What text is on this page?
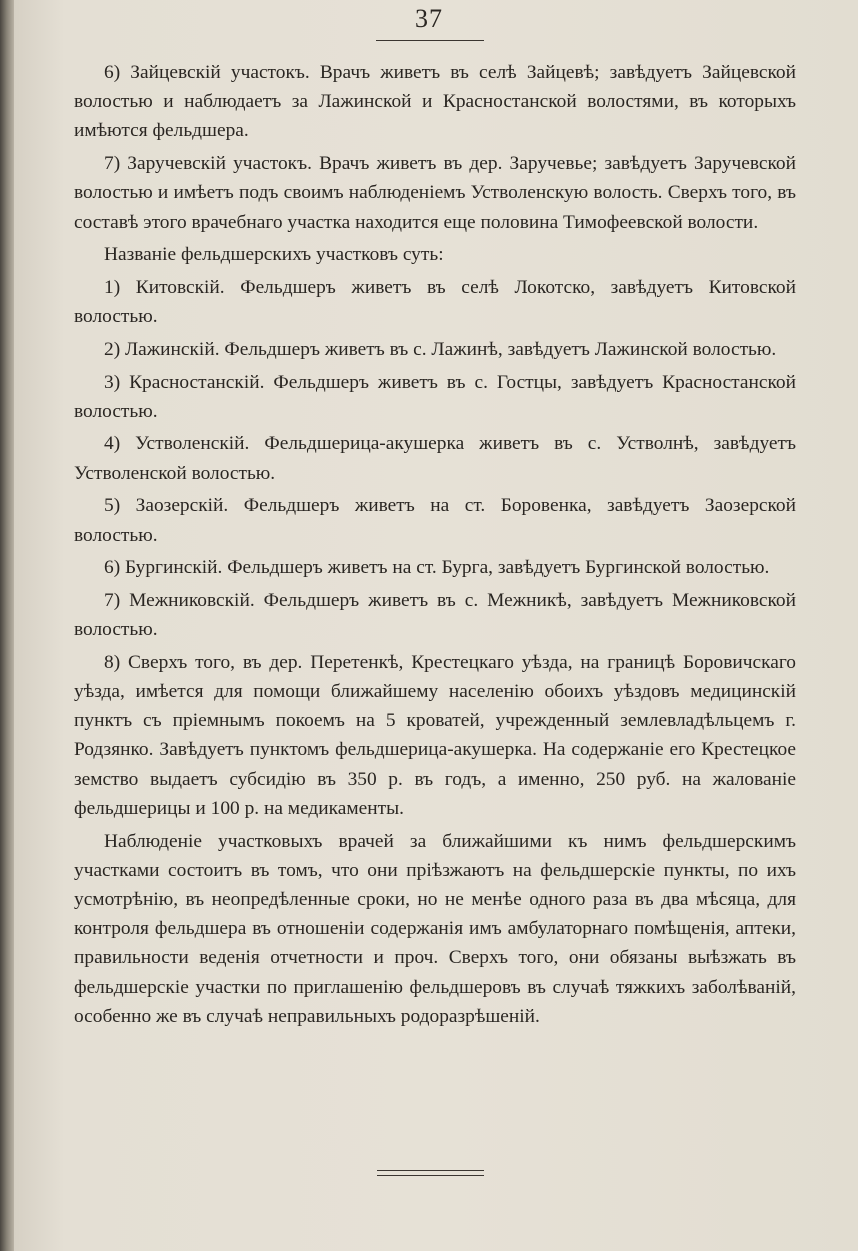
37

6) Зайцевскій участокъ. Врачъ живетъ въ селѣ Зайцевѣ; завѣдуетъ Зайцевской волостью и наблюдаетъ за Лажинской и Красностанской волостями, въ которыхъ имѣются фельдшера.

7) Заручевскій участокъ. Врачъ живетъ въ дер. Заручевье; завѣдуетъ Заручевской волостью и имѣетъ подъ своимъ наблюденіемъ Устволенскую волость. Сверхъ того, въ составѣ этого врачебнаго участка находится еще половина Тимофеевской волости.

Названіе фельдшерскихъ участковъ суть:

1) Китовскій. Фельдшеръ живетъ въ селѣ Локотско, завѣдуетъ Китовской волостью.

2) Лажинскій. Фельдшеръ живетъ въ с. Лажинѣ, завѣдуетъ Лажинской волостью.

3) Красностанскій. Фельдшеръ живетъ въ с. Гостцы, завѣдуетъ Красностанской волостью.

4) Устволенскій. Фельдшерица-акушерка живетъ въ с. Устволнѣ, завѣдуетъ Устволенской волостью.

5) Заозерскій. Фельдшеръ живетъ на ст. Боровенка, завѣдуетъ Заозерской волостью.

6) Бургинскій. Фельдшеръ живетъ на ст. Бурга, завѣдуетъ Бургинской волостью.

7) Межниковскій. Фельдшеръ живетъ въ с. Межникѣ, завѣдуетъ Межниковской волостью.

8) Сверхъ того, въ дер. Перетенкѣ, Крестецкаго уѣзда, на границѣ Боровичскаго уѣзда, имѣется для помощи ближайшему населенію обоихъ уѣздовъ медицинскій пунктъ съ пріемнымъ покоемъ на 5 кроватей, учрежденный землевладѣльцемъ г. Родзянко. Завѣдуетъ пунктомъ фельдшерица-акушерка. На содержаніе его Крестецкое земство выдаетъ субсидію въ 350 р. въ годъ, а именно, 250 руб. на жалованіе фельдшерицы и 100 р. на медикаменты.

Наблюденіе участковыхъ врачей за ближайшими къ нимъ фельдшерскимъ участками состоитъ въ томъ, что они пріѣзжаютъ на фельдшерскіе пункты, по ихъ усмотрѣнію, въ неопредѣленные сроки, но не менѣе одного раза въ два мѣсяца, для контроля фельдшера въ отношеніи содержанія имъ амбулаторнаго помѣщенія, аптеки, правильности веденія отчетности и проч. Сверхъ того, они обязаны выѣзжать въ фельдшерскіе участки по приглашенію фельдшеровъ въ случаѣ тяжкихъ заболѣваній, особенно же въ случаѣ неправильныхъ родоразрѣшеній.
